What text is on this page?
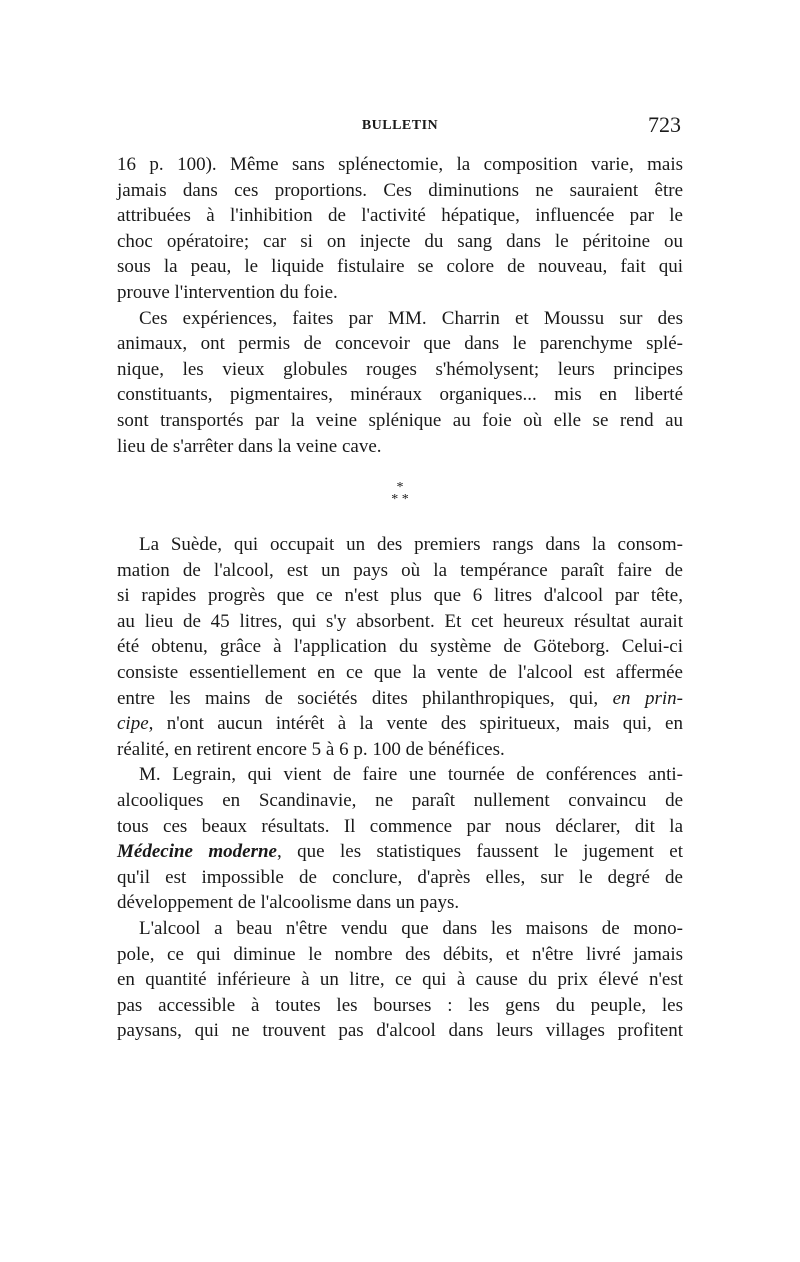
BULLETIN	723
16 p. 100). Même sans splénectomie, la composition varie, mais
jamais dans ces proportions. Ces diminutions ne sauraient être
attribuées à l'inhibition de l'activité hépatique, influencée par le
choc opératoire; car si on injecte du sang dans le péritoine ou
sous la peau, le liquide fistulaire se colore de nouveau, fait qui
prouve l'intervention du foie.
Ces expériences, faites par MM. Charrin et Moussu sur des
animaux, ont permis de concevoir que dans le parenchyme splé-
nique, les vieux globules rouges s'hémolysent; leurs principes
constituants, pigmentaires, minéraux organiques... mis en liberté
sont transportés par la veine splénique au foie où elle se rend au
lieu de s'arrêter dans la veine cave.
*
* *
La Suède, qui occupait un des premiers rangs dans la consom-
mation de l'alcool, est un pays où la tempérance paraît faire de
si rapides progrès que ce n'est plus que 6 litres d'alcool par tête,
au lieu de 45 litres, qui s'y absorbent. Et cet heureux résultat aurait
été obtenu, grâce à l'application du système de Göteborg. Celui-ci
consiste essentiellement en ce que la vente de l'alcool est affermée
entre les mains de sociétés dites philanthropiques, qui, en prin-
cipe, n'ont aucun intérêt à la vente des spiritueux, mais qui, en
réalité, en retirent encore 5 à 6 p. 100 de bénéfices.
M. Legrain, qui vient de faire une tournée de conférences anti-
alcooliques en Scandinavie, ne paraît nullement convaincu de
tous ces beaux résultats. Il commence par nous déclarer, dit la
Médecine moderne, que les statistiques faussent le jugement et
qu'il est impossible de conclure, d'après elles, sur le degré de
développement de l'alcoolisme dans un pays.
L'alcool a beau n'être vendu que dans les maisons de mono-
pole, ce qui diminue le nombre des débits, et n'être livré jamais
en quantité inférieure à un litre, ce qui à cause du prix élevé n'est
pas accessible à toutes les bourses : les gens du peuple, les
paysans, qui ne trouvent pas d'alcool dans leurs villages profitent
